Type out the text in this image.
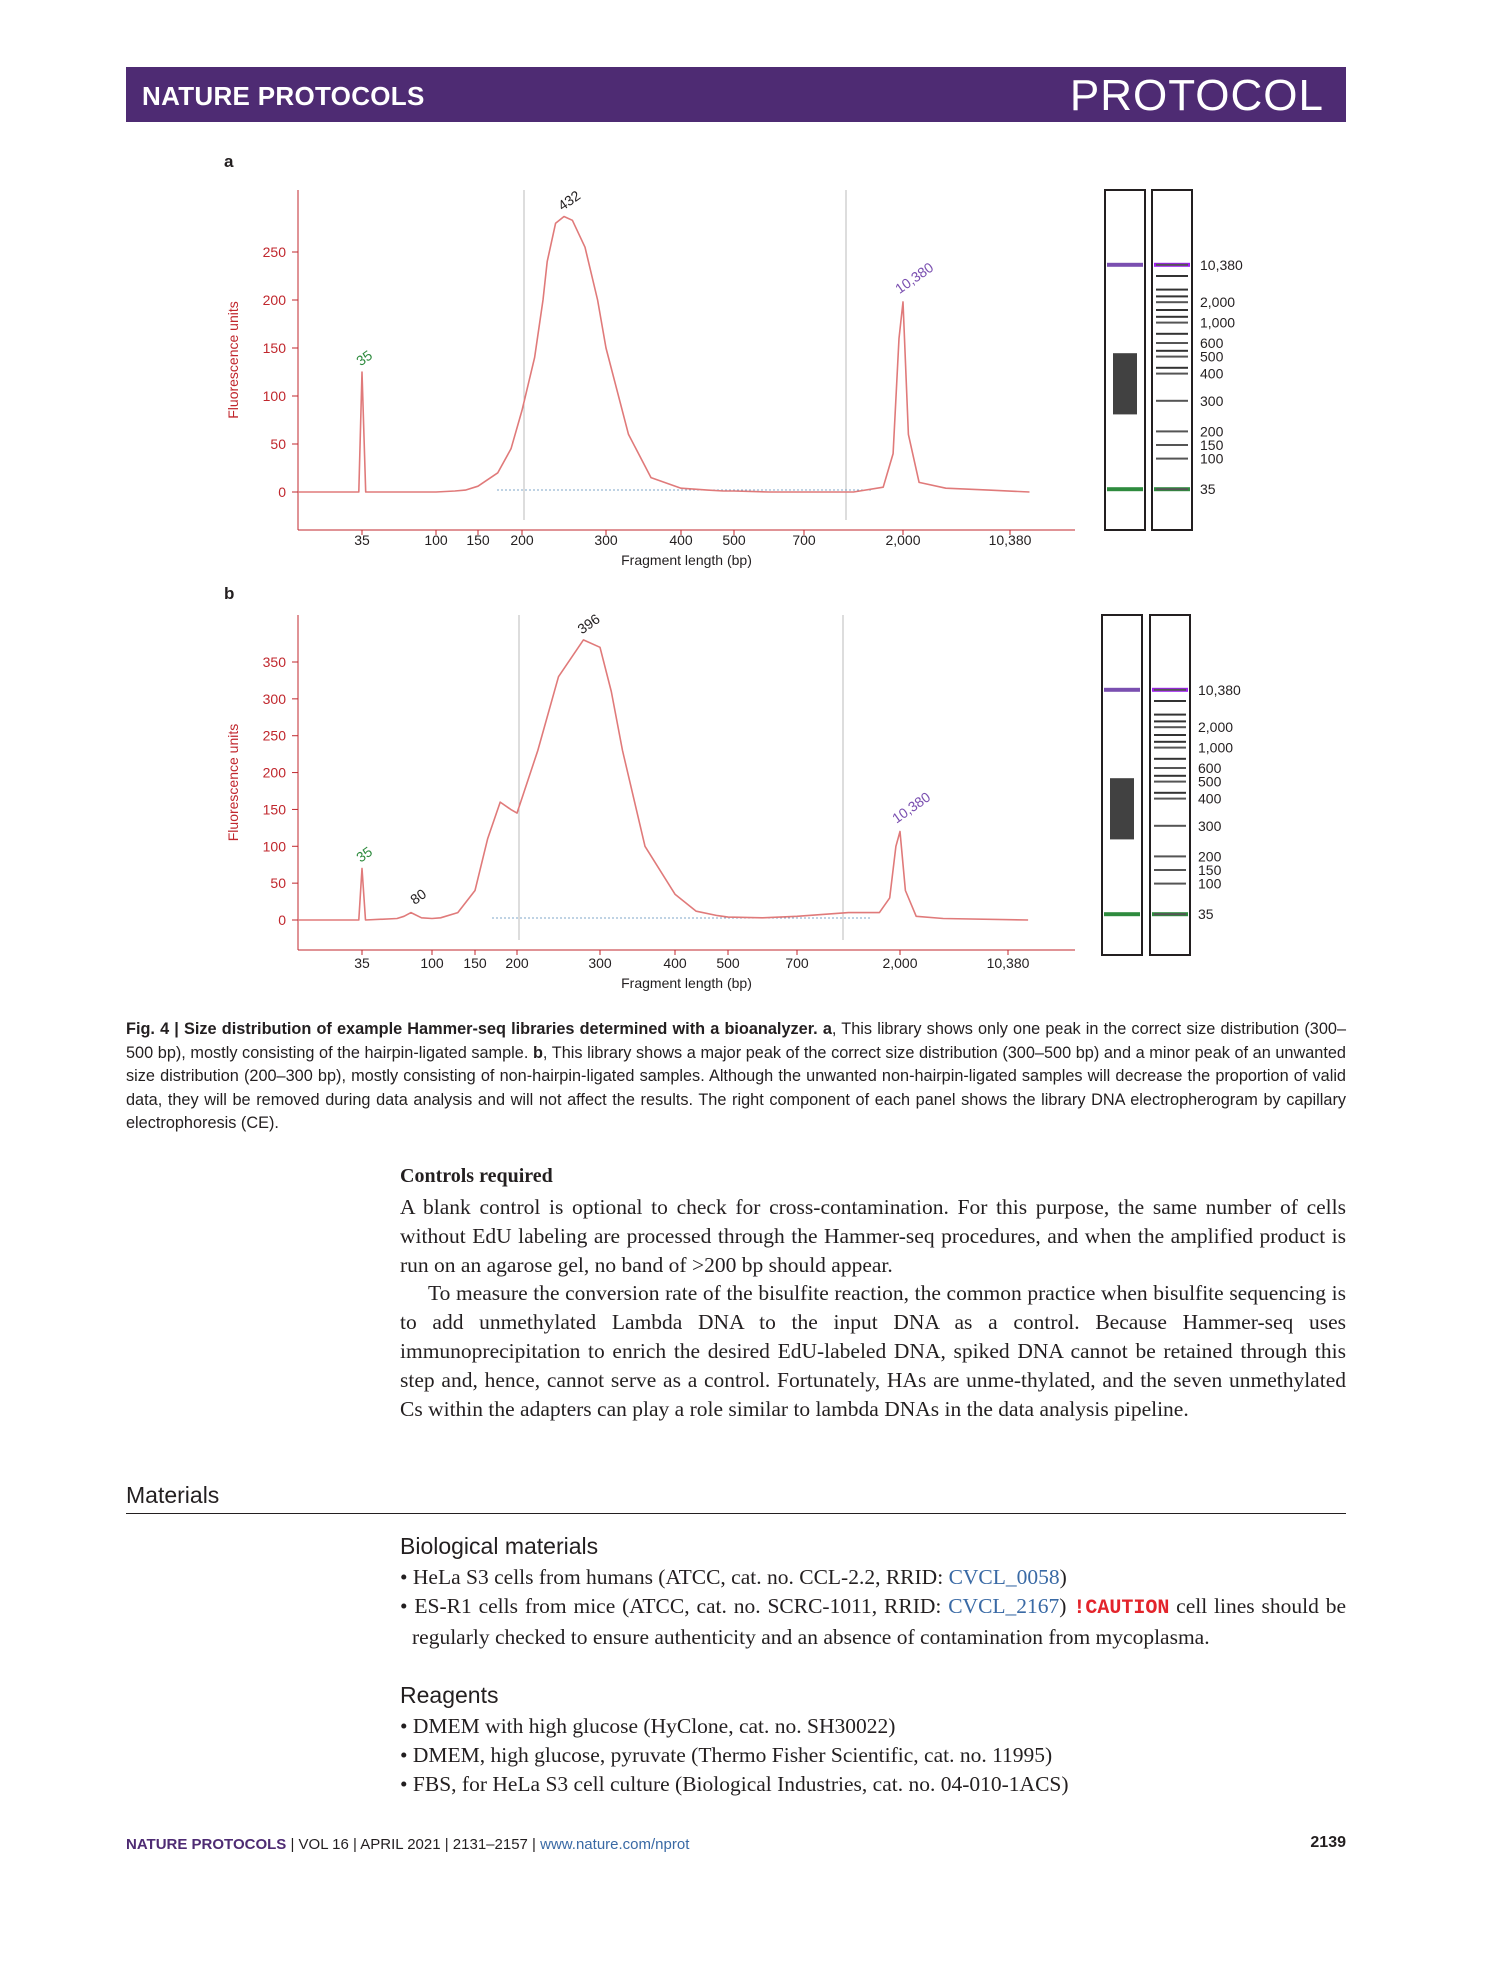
NATURE PROTOCOLS	PROTOCOL
a
b
0
50
100
150
200
250
Fluorescence units
35	100 150 200	300	400 500	700	2,000	10,380
Fragment length (bp)
35
432
10,380	10,380
2,000
1,000
600
500
400
300
200
150
100
35
0
50
100
150
200
250
300
350
Fluorescence units
35	100 150 200	300	400 500	700	2,000	10,380
Fragment length (bp)
35
80
396
10,380
10,380
2,000
1,000
600
500
400
300
200
150
100
35
Fig. 4 | Size distribution of example Hammer-seq libraries determined with a bioanalyzer. a, This library shows only one peak in the correct size distribution (300–500 bp), mostly consisting of the hairpin-ligated sample. b, This library shows a major peak of the correct size distribution (300–500 bp) and a minor peak of an unwanted size distribution (200–300 bp), mostly consisting of non-hairpin-ligated samples. Although the unwanted non-hairpin-ligated samples will decrease the proportion of valid data, they will be removed during data analysis and will not affect the results. The right component of each panel shows the library DNA electropherogram by capillary electrophoresis (CE).
Controls required
A blank control is optional to check for cross-contamination. For this purpose, the same number of cells without EdU labeling are processed through the Hammer-seq procedures, and when the amplified product is run on an agarose gel, no band of >200 bp should appear.
To measure the conversion rate of the bisulfite reaction, the common practice when bisulfite sequencing is to add unmethylated Lambda DNA to the input DNA as a control. Because Hammer-seq uses immunoprecipitation to enrich the desired EdU-labeled DNA, spiked DNA cannot be retained through this step and, hence, cannot serve as a control. Fortunately, HAs are unme-thylated, and the seven unmethylated Cs within the adapters can play a role similar to lambda DNAs in the data analysis pipeline.
Materials
Biological materials
• HeLa S3 cells from humans (ATCC, cat. no. CCL-2.2, RRID: CVCL_0058)
• ES-R1 cells from mice (ATCC, cat. no. SCRC-1011, RRID: CVCL_2167) !CAUTION cell lines should be regularly checked to ensure authenticity and an absence of contamination from mycoplasma.
Reagents
• DMEM with high glucose (HyClone, cat. no. SH30022)
• DMEM, high glucose, pyruvate (Thermo Fisher Scientific, cat. no. 11995)
• FBS, for HeLa S3 cell culture (Biological Industries, cat. no. 04-010-1ACS)
NATURE PROTOCOLS | VOL 16 | APRIL 2021 | 2131–2157 | www.nature.com/nprot	2139
